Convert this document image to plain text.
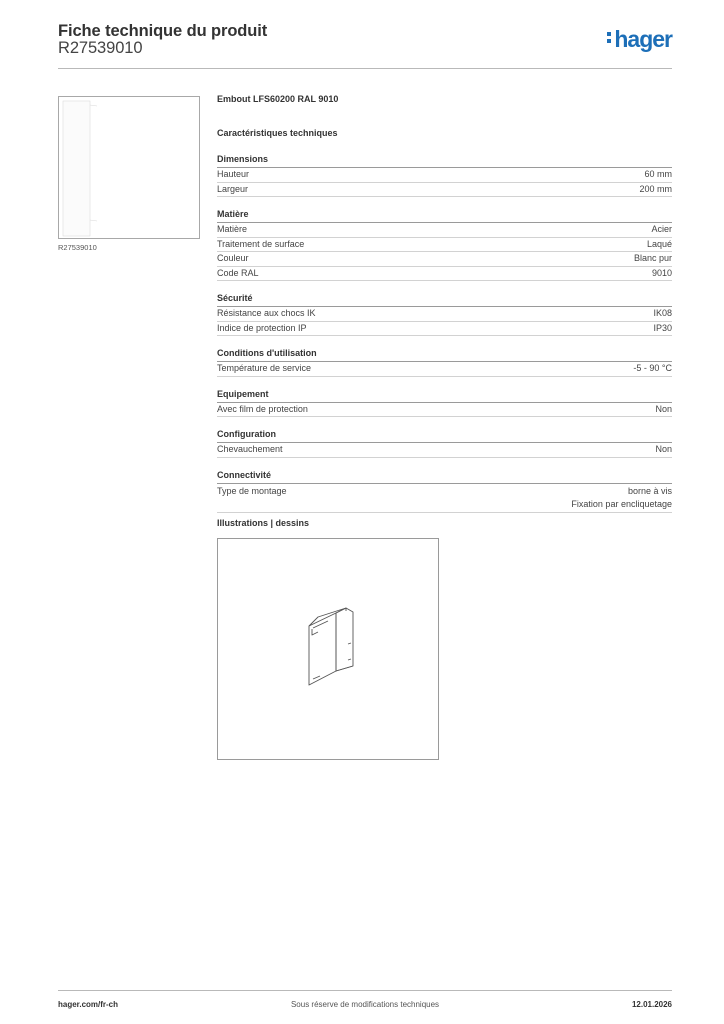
Fiche technique du produit
R27539010	hager
R27539010
Embout LFS60200 RAL 9010
Caractéristiques techniques
Dimensions
Hauteur	60 mm
Largeur	200 mm
Matière
Matière	Acier
Traitement de surface	Laqué
Couleur	Blanc pur
Code RAL	9010
Sécurité
Résistance aux chocs IK	IK08
Indice de protection IP	IP30
Conditions d'utilisation
Température de service	-5 - 90 °C
Equipement
Avec film de protection	Non
Configuration
Chevauchement	Non
Connectivité
Type de montage	borne à vis
Fixation par encliquetage
Illustrations | dessins
hager.com/fr-ch	Sous réserve de modifications techniques	12.01.2026
